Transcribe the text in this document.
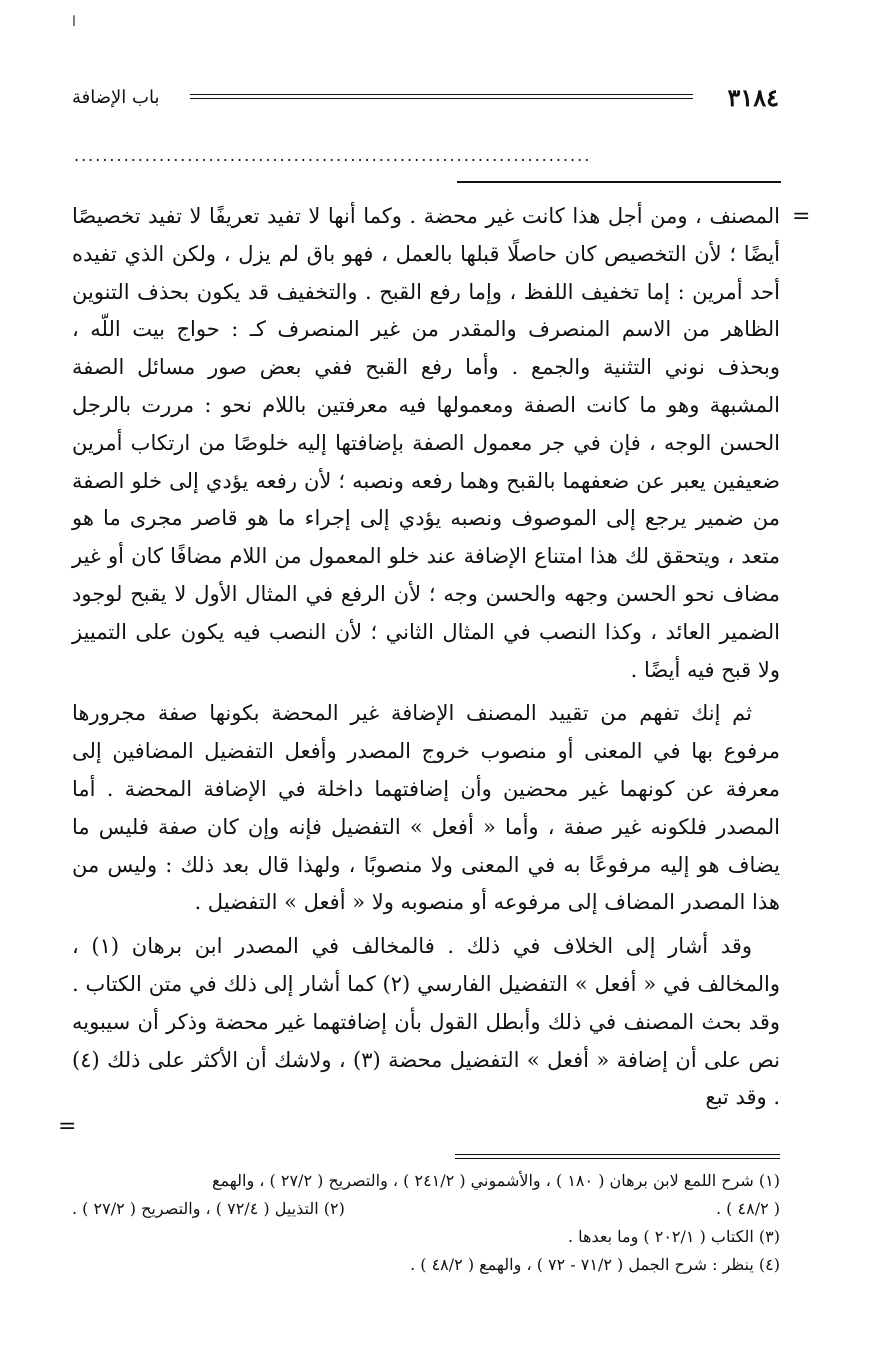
ا
٣١٨٤
باب الإضافة
.........................................................................
=

المصنف ، ومن أجل هذا كانت غير محضة . وكما أنها لا تفيد تعريفًا لا تفيد تخصيصًا أيضًا ؛ لأن التخصيص كان حاصلًا قبلها بالعمل ، فهو باق لم يزل ، ولكن الذي تفيده أحد أمرين : إما تخفيف اللفظ ، وإما رفع القبح . والتخفيف قد يكون بحذف التنوين الظاهر من الاسم المنصرف والمقدر من غير المنصرف كـ : حواج بيت اللّه ، وبحذف نوني التثنية والجمع . وأما رفع القبح ففي بعض صور مسائل الصفة المشبهة وهو ما كانت الصفة ومعمولها فيه معرفتين باللام نحو : مررت بالرجل الحسن الوجه ، فإن في جر معمول الصفة بإضافتها إليه خلوصًا من ارتكاب أمرين ضعيفين يعبر عن ضعفهما بالقبح وهما رفعه ونصبه ؛ لأن رفعه يؤدي إلى خلو الصفة من ضمير يرجع إلى الموصوف ونصبه يؤدي إلى إجراء ما هو قاصر مجرى ما هو متعد ، ويتحقق لك هذا امتناع الإضافة عند خلو المعمول من اللام مضافًا كان أو غير مضاف نحو الحسن وجهه والحسن وجه ؛ لأن الرفع في المثال الأول لا يقبح لوجود الضمير العائد ، وكذا النصب في المثال الثاني ؛ لأن النصب فيه يكون على التمييز ولا قبح فيه أيضًا .

ثم إنك تفهم من تقييد المصنف الإضافة غير المحضة بكونها صفة مجرورها مرفوع بها في المعنى أو منصوب خروج المصدر وأفعل التفضيل المضافين إلى معرفة عن كونهما غير محضين وأن إضافتهما داخلة في الإضافة المحضة . أما المصدر فلكونه غير صفة ، وأما « أفعل » التفضيل فإنه وإن كان صفة فليس ما يضاف هو إليه مرفوعًا به في المعنى ولا منصوبًا ، ولهذا قال بعد ذلك : وليس من هذا المصدر المضاف إلى مرفوعه أو منصوبه ولا « أفعل » التفضيل .

وقد أشار إلى الخلاف في ذلك . فالمخالف في المصدر ابن برهان (١) ، والمخالف في « أفعل » التفضيل الفارسي (٢) كما أشار إلى ذلك في متن الكتاب . وقد بحث المصنف في ذلك وأبطل القول بأن إضافتهما غير محضة وذكر أن سيبويه نص على أن إضافة « أفعل » التفضيل محضة (٣) ، ولاشك أن الأكثر على ذلك (٤) . وقد تبع

=

(١) شرح اللمع لابن برهان ( ١٨٠ ) ، والأشموني ( ٢٤١/٢ ) ، والتصريح ( ٢٧/٢ ) ، والهمع

( ٤٨/٢ ) .
(٢) التذييل ( ٧٢/٤ ) ، والتصريح ( ٢٧/٢ ) .

(٣) الكتاب ( ٢٠٢/١ ) وما بعدها .

(٤) ينظر : شرح الجمل ( ٧١/٢ - ٧٢ ) ، والهمع ( ٤٨/٢ ) .
